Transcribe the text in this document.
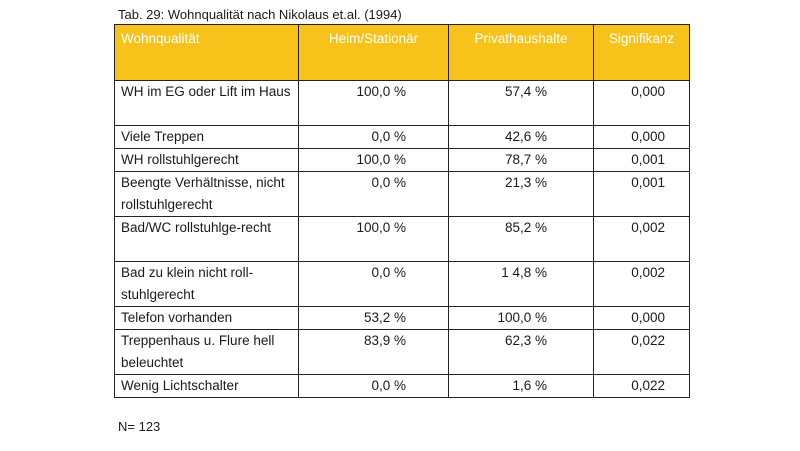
Tab. 29: Wohnqualität nach Nikolaus et.al. (1994)
Wohnqualität	Heim/Stationär	Privathaushalte	Signifikanz
WH im EG oder Lift im Haus	100,0 %	57,4 %	0,000
Viele Treppen	0,0 %	42,6 %	0,000
WH rollstuhlgerecht	100,0 %	78,7 %	0,001
Beengte Verhältnisse, nicht rollstuhlgerecht	0,0 %	21,3 %	0,001
Bad/WC rollstuhlge-recht	100,0 %	85,2 %	0,002
Bad zu klein nicht roll-stuhlgerecht	0,0 %	1 4,8 %	0,002
Telefon vorhanden	53,2 %	100,0 %	0,000
Treppenhaus u. Flure hell beleuchtet	83,9 %	62,3 %	0,022
Wenig Lichtschalter	0,0 %	1,6 %	0,022
N= 123
